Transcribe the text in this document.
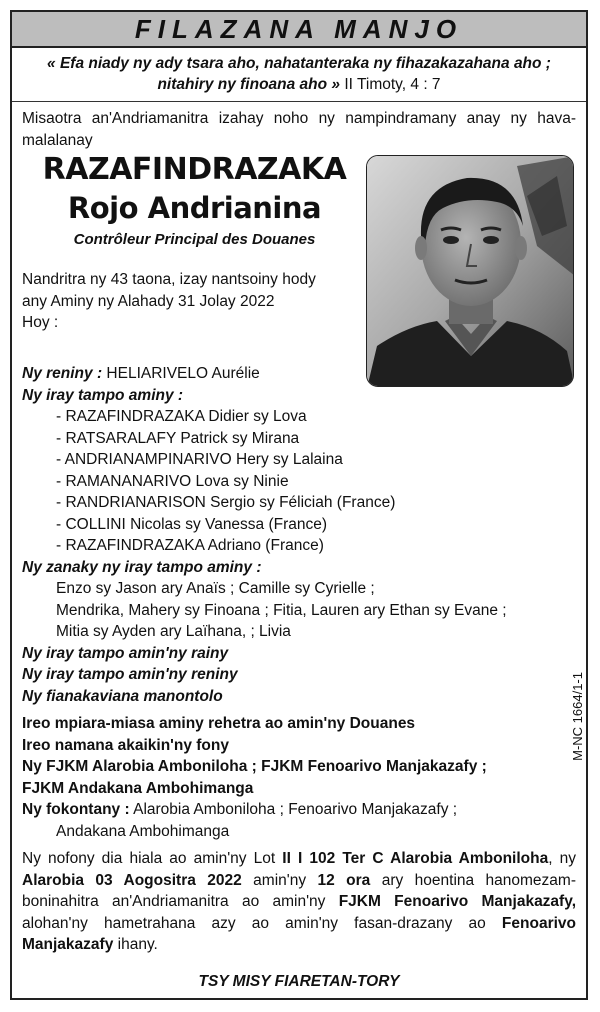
FILAZANA MANJO
« Efa niady ny ady tsara aho, nahatanteraka ny fihazakazahana aho ; nitahiry ny finoana aho » II Timoty, 4 : 7

Misaotra an'Andriamanitra izahay noho ny nampindramany anay ny hava-malalanay

RAZAFINDRAZAKA
Rojo Andrianina
Contrôleur Principal des Douanes
Nandritra ny 43 taona, izay nantsoiny hody
any Aminy ny Alahady 31 Jolay 2022
Hoy :
Ny reniny : HELIARIVELO Aurélie
Ny iray tampo aminy :
- RAZAFINDRAZAKA Didier sy Lova
- RATSARALAFY Patrick sy Mirana
- ANDRIANAMPINARIVO Hery sy Lalaina
- RAMANANARIVO Lova sy Ninie
- RANDRIANARISON Sergio sy Féliciah (France)
- COLLINI Nicolas sy Vanessa (France)
- RAZAFINDRAZAKA Adriano (France)
Ny zanaky ny iray tampo aminy :
Enzo sy Jason ary Anaïs ; Camille sy Cyrielle ;
Mendrika, Mahery sy Finoana ; Fitia, Lauren ary Ethan sy Evane ;
Mitia sy Ayden ary Laïhana, ; Livia
Ny iray tampo amin'ny rainy
Ny iray tampo amin'ny reniny
Ny fianakaviana manontolo
Ireo mpiara-miasa aminy rehetra ao amin'ny Douanes
Ireo namana akaikin'ny fony
Ny FJKM Alarobia Amboniloha ; FJKM Fenoarivo Manjakazafy ;
FJKM Andakana Ambohimanga
Ny fokontany : Alarobia Amboniloha ; Fenoarivo Manjakazafy ;
Andakana Ambohimanga

Ny nofony dia hiala ao amin'ny Lot II I 102 Ter C Alarobia Amboniloha, ny Alarobia 03 Aogositra 2022 amin'ny 12 ora ary hoentina hanomezam-boninahitra an'Andriamanitra ao amin'ny FJKM Fenoarivo Manjakazafy, alohan'ny hametrahana azy ao amin'ny fasan-drazany ao Fenoarivo Manjakazafy ihany.

TSY MISY FIARETAN-TORY
M-NC 1664/1-1
